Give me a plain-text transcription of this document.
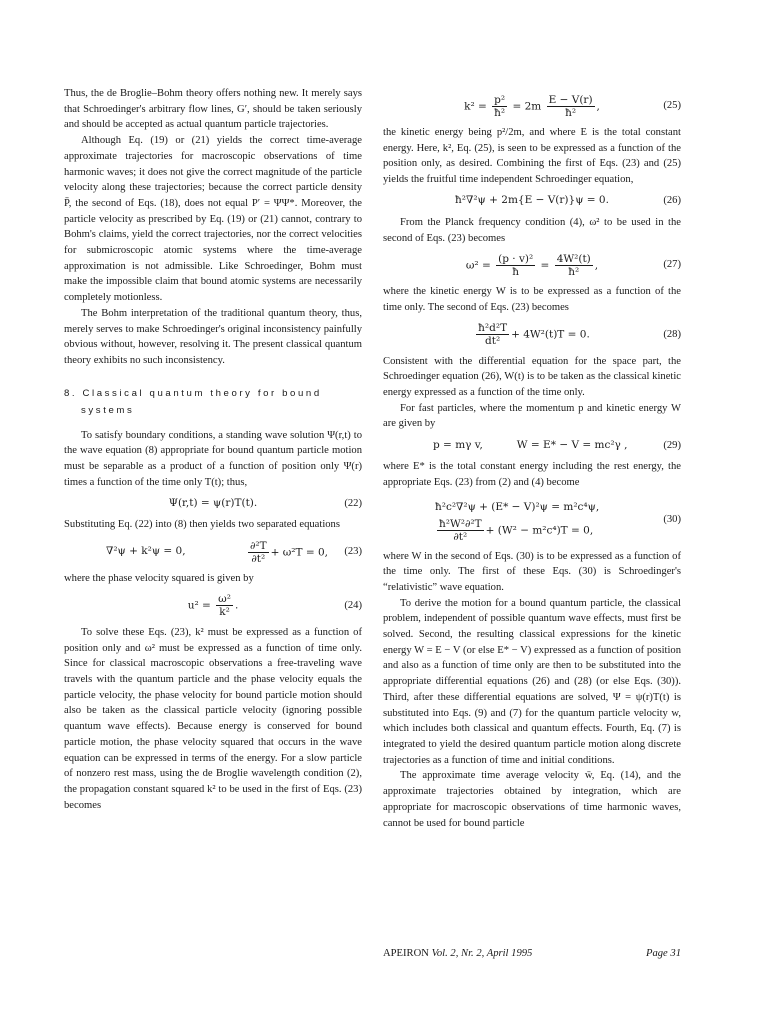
Thus, the de Broglie–Bohm theory offers nothing new. It merely says that Schroedinger's arbitrary flow lines, G′, should be taken seriously and should be accepted as actual quantum particle trajectories.

Although Eq. (19) or (21) yields the correct time-average approximate trajectories for macroscopic observations of time harmonic waves; it does not give the correct magnitude of the particle velocity along these trajectories; because the correct particle density P̄, the second of Eqs. (18), does not equal P′ = ΨΨ*. Moreover, the particle velocity as prescribed by Eq. (19) or (21) cannot, contrary to Bohm's claims, yield the correct trajectories, nor the correct velocities for submicroscopic atomic systems where the time-average approximation is not admissible. Like Schroedinger, Bohm must make the impossible claim that bound atomic systems are necessarily completely motionless.

The Bohm interpretation of the traditional quantum theory, thus, merely serves to make Schroedinger's original inconsistency painfully obvious without, however, resolving it. The present classical quantum theory exhibits no such inconsistency.

8. Classical quantum theory for bound
systems

To satisfy boundary conditions, a standing wave solution Ψ(r,t) to the wave equation (8) appropriate for bound quantum particle motion must be separable as a product of a function of position only Ψ(r) times a function of the time only T(t); thus,

Ψ(r,t) = ψ(r)T(t).	(22)

Substituting Eq. (22) into (8) then yields two separated equations

∇²ψ + k²ψ = 0,	$\frac{\text{∂²T}}{\text{∂t²}} + \omega^2T = 0$, (23)

where the phase velocity squared is given by

$u^2 = \frac{\text{ω²}}{\text{k²}}$ .	(24)

To solve these Eqs. (23), k² must be expressed as a function of position only and ω² must be expressed as a function of time only. Since for classical macroscopic observations a free-traveling wave travels with the quantum particle and the phase velocity equals the particle velocity, the phase velocity for bound particle motion should also be taken as the classical particle velocity (ignoring possible quantum wave effects). Because energy is conserved for bound particle motion, the phase velocity squared that occurs in the wave equation can be expressed in terms of the energy. For a slow particle of nonzero rest mass, using the de Broglie wavelength condition (2), the propagation constant squared k² to be used in the first of Eqs. (23) becomes

$k^2 = \frac{\text{p²}}{\text{ħ²}} = 2m \frac{E - V(r)}{\text{ħ²}}$ ,	(25)

the kinetic energy being p²/2m, and where E is the total constant energy. Here, k², Eq. (25), is seen to be expressed as a function of the position only, as desired. Combining the first of Eqs. (23) and (25) yields the fruitful time independent Schroedinger equation,

ħ²∇²ψ + 2m{E − V(r)}ψ = 0.	(26)

From the Planck frequency condition (4), ω² to be used in the second of Eqs. (23) becomes

$\omega^2 = \frac{\text{(p · v)²}}{ħ} = \frac{\text{4W²(t)}}{\text{ħ²}}$ ,	(27)

where the kinetic energy W is to be expressed as a function of the time only. The second of Eqs. (23) becomes

$\frac{\text{ħ²d²T}}{\text{dt²}} + 4W^2(t)T = 0$.	(28)

Consistent with the differential equation for the space part, the Schroedinger equation (26), W(t) is to be taken as the classical kinetic energy expressed as a function of the time only.

For fast particles, where the momentum p and kinetic energy W are given by

p = mγ v,	W = E* − V = mc²γ ,	(29)

where E* is the total constant energy including the rest energy, the appropriate Eqs. (23) from (2) and (4) become

ħ²c²∇²ψ + (E* − V)²ψ = m²c⁴ψ,
$\frac{\text{ħ²W²∂²T}}{\text{∂t²}} + (W^2 - m^2c^4)T = 0$,
(30)

where W in the second of Eqs. (30) is to be expressed as a function of the time only. The first of these Eqs. (30) is Schroedinger's “relativistic” wave equation.

To derive the motion for a bound quantum particle, the classical problem, independent of possible quantum wave effects, must first be solved. Second, the resulting classical expressions for the kinetic energy W = E − V (or else E* − V) expressed as a function of position and also as a function of time only are then to be substituted into the appropriate differential equations (26) and (28) (or else Eqs. (30)). Third, after these differential equations are solved, Ψ = ψ(r)T(t) is substituted into Eqs. (9) and (7) for the quantum particle velocity w, which includes both classical and quantum effects. Fourth, Eq. (7) is integrated to yield the desired quantum particle motion along discrete trajectories as a function of time and initial conditions.

The approximate time average velocity w̄, Eq. (14), and the approximate trajectories obtained by integration, which are appropriate for macroscopic observations of time harmonic waves, cannot be used for bound particle

APEIRON Vol. 2, Nr. 2, April 1995	Page 31
